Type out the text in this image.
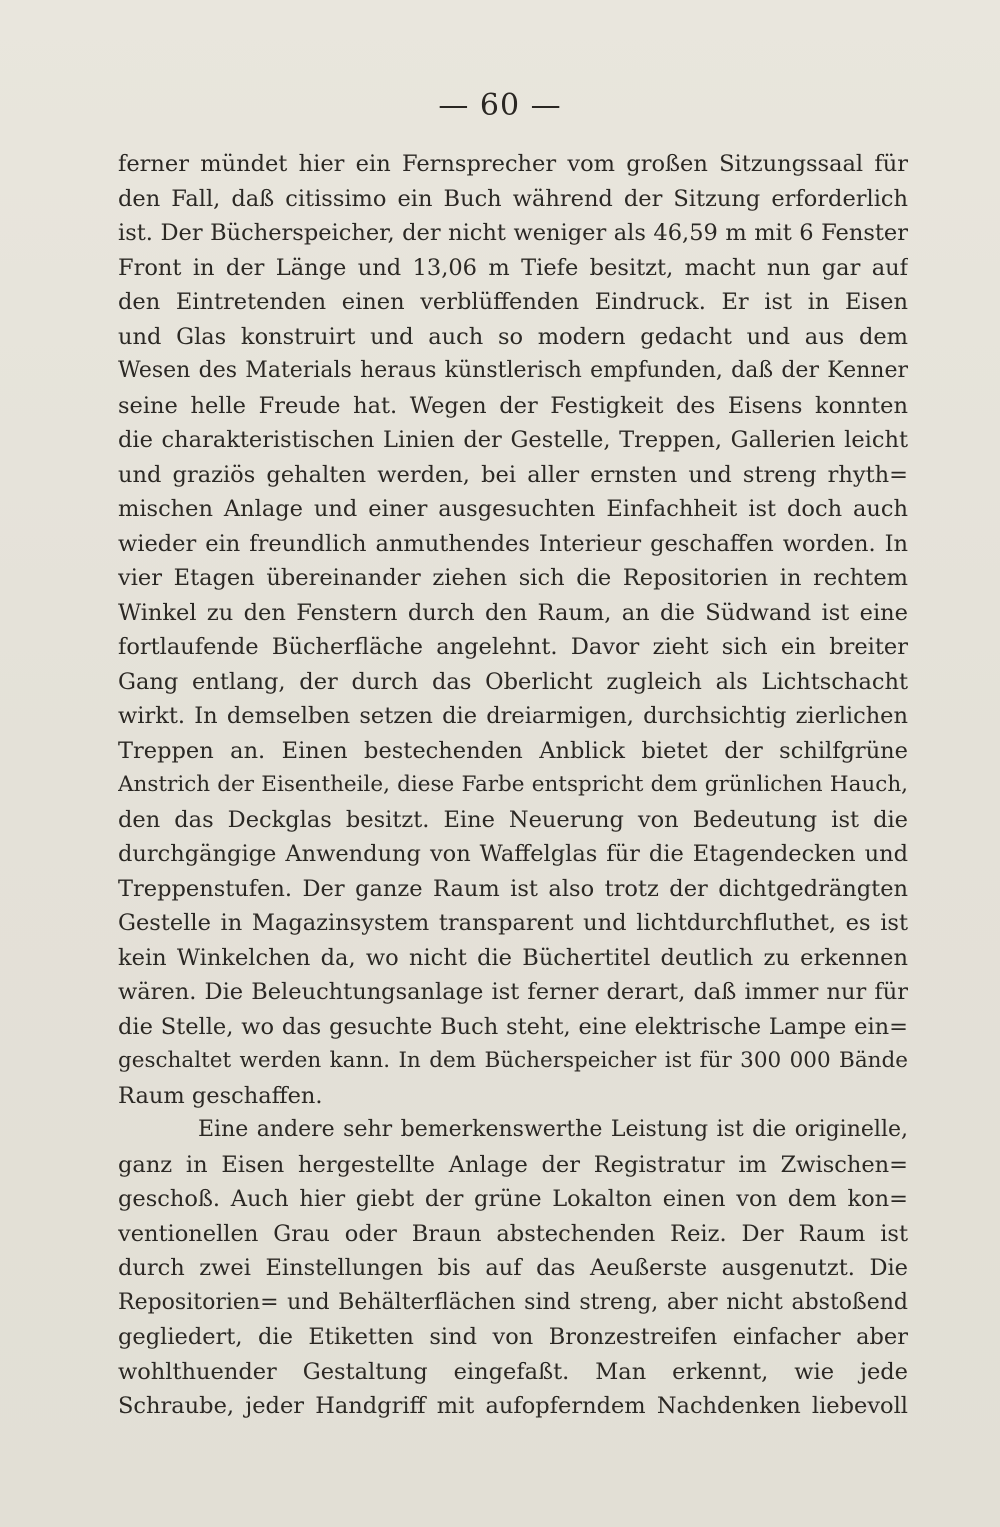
— 60 —
ferner mündet hier ein Fernsprecher vom großen Sitzungssaal für
den Fall, daß citissimo ein Buch während der Sitzung erforderlich
ist. Der Bücherspeicher, der nicht weniger als 46,59 m mit 6 Fenster
Front in der Länge und 13,06 m Tiefe besitzt, macht nun gar auf
den Eintretenden einen verblüffenden Eindruck. Er ist in Eisen
und Glas konstruirt und auch so modern gedacht und aus dem
Wesen des Materials heraus künstlerisch empfunden, daß der Kenner
seine helle Freude hat. Wegen der Festigkeit des Eisens konnten
die charakteristischen Linien der Gestelle, Treppen, Gallerien leicht
und graziös gehalten werden, bei aller ernsten und streng rhyth=
mischen Anlage und einer ausgesuchten Einfachheit ist doch auch
wieder ein freundlich anmuthendes Interieur geschaffen worden. In
vier Etagen übereinander ziehen sich die Repositorien in rechtem
Winkel zu den Fenstern durch den Raum, an die Südwand ist eine
fortlaufende Bücherfläche angelehnt. Davor zieht sich ein breiter
Gang entlang, der durch das Oberlicht zugleich als Lichtschacht
wirkt. In demselben setzen die dreiarmigen, durchsichtig zierlichen
Treppen an. Einen bestechenden Anblick bietet der schilfgrüne
Anstrich der Eisentheile, diese Farbe entspricht dem grünlichen Hauch,
den das Deckglas besitzt. Eine Neuerung von Bedeutung ist die
durchgängige Anwendung von Waffelglas für die Etagendecken und
Treppenstufen. Der ganze Raum ist also trotz der dichtgedrängten
Gestelle in Magazinsystem transparent und lichtdurchfluthet, es ist
kein Winkelchen da, wo nicht die Büchertitel deutlich zu erkennen
wären. Die Beleuchtungsanlage ist ferner derart, daß immer nur für
die Stelle, wo das gesuchte Buch steht, eine elektrische Lampe ein=
geschaltet werden kann. In dem Bücherspeicher ist für 300 000 Bände
Raum geschaffen.
Eine andere sehr bemerkenswerthe Leistung ist die originelle,
ganz in Eisen hergestellte Anlage der Registratur im Zwischen=
geschoß. Auch hier giebt der grüne Lokalton einen von dem kon=
ventionellen Grau oder Braun abstechenden Reiz. Der Raum ist
durch zwei Einstellungen bis auf das Aeußerste ausgenutzt. Die
Repositorien= und Behälterflächen sind streng, aber nicht abstoßend
gegliedert, die Etiketten sind von Bronzestreifen einfacher aber
wohlthuender Gestaltung eingefaßt. Man erkennt, wie jede
Schraube, jeder Handgriff mit aufopferndem Nachdenken liebevoll
